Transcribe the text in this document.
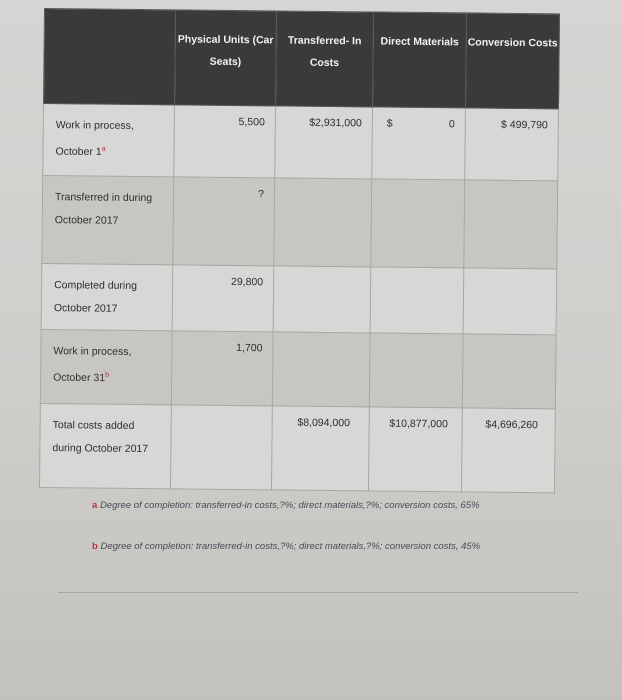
	Physical Units (Car Seats)	Transferred- In Costs	Direct Materials	Conversion Costs
Work in process, October 1$^a$	5,500	$2,931,000	$ 0	$ 499,790
Transferred in during October 2017	?			
Completed during October 2017	29,800			
Work in process, October 31$^b$	1,700			
Total costs added during October 2017		$8,094,000	$10,877,000	$4,696,260
a Degree of completion: transferred-in costs,?%; direct materials,?%; conversion costs, 65%
b Degree of completion: transferred-in costs,?%; direct materials,?%; conversion costs, 45%
